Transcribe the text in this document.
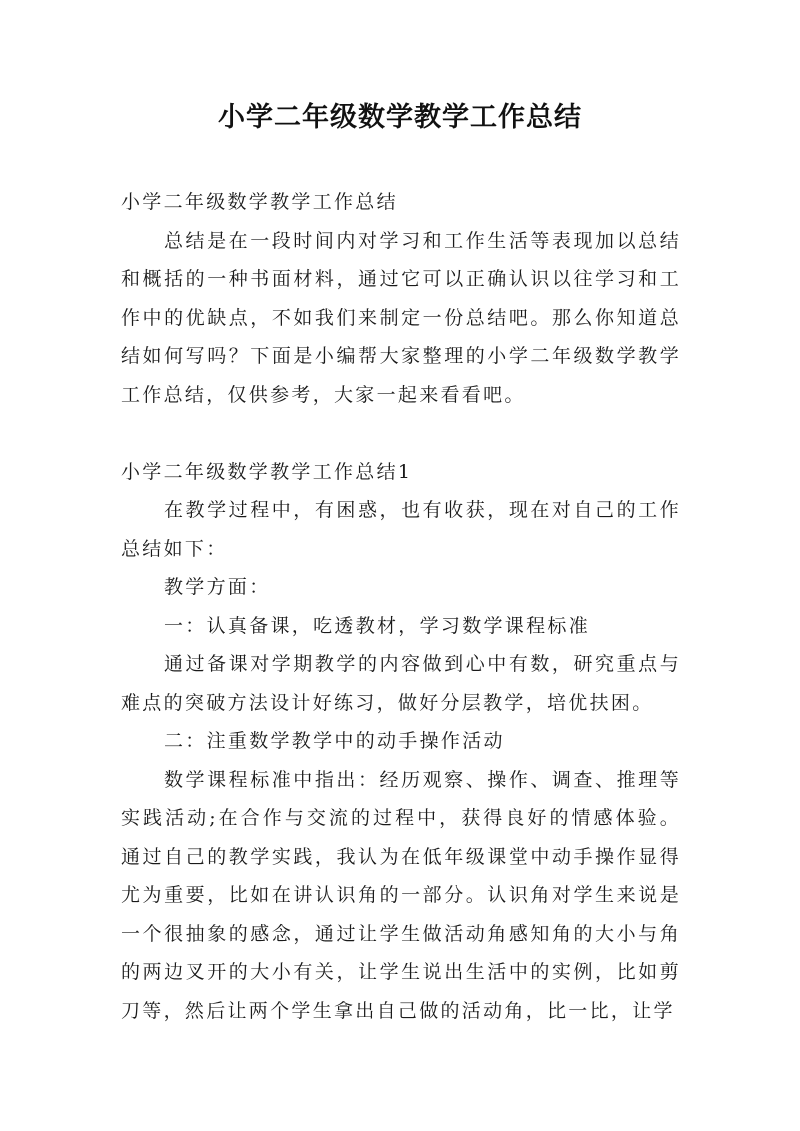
小学二年级数学教学工作总结

小学二年级数学教学工作总结

总结是在一段时间内对学习和工作生活等表现加以总结和概括的一种书面材料，通过它可以正确认识以往学习和工作中的优缺点，不如我们来制定一份总结吧。那么你知道总结如何写吗？下面是小编帮大家整理的小学二年级数学教学工作总结，仅供参考，大家一起来看看吧。

小学二年级数学教学工作总结1

在教学过程中，有困惑，也有收获，现在对自己的工作总结如下：

教学方面：

一：认真备课，吃透教材，学习数学课程标准

通过备课对学期教学的内容做到心中有数，研究重点与难点的突破方法设计好练习，做好分层教学，培优扶困。

二：注重数学教学中的动手操作活动

数学课程标准中指出：经历观察、操作、调查、推理等实践活动;在合作与交流的过程中，获得良好的情感体验。通过自己的教学实践，我认为在低年级课堂中动手操作显得尤为重要，比如在讲认识角的一部分。认识角对学生来说是一个很抽象的感念，通过让学生做活动角感知角的大小与角的两边叉开的大小有关，让学生说出生活中的实例，比如剪刀等，然后让两个学生拿出自己做的活动角，比一比，让学
